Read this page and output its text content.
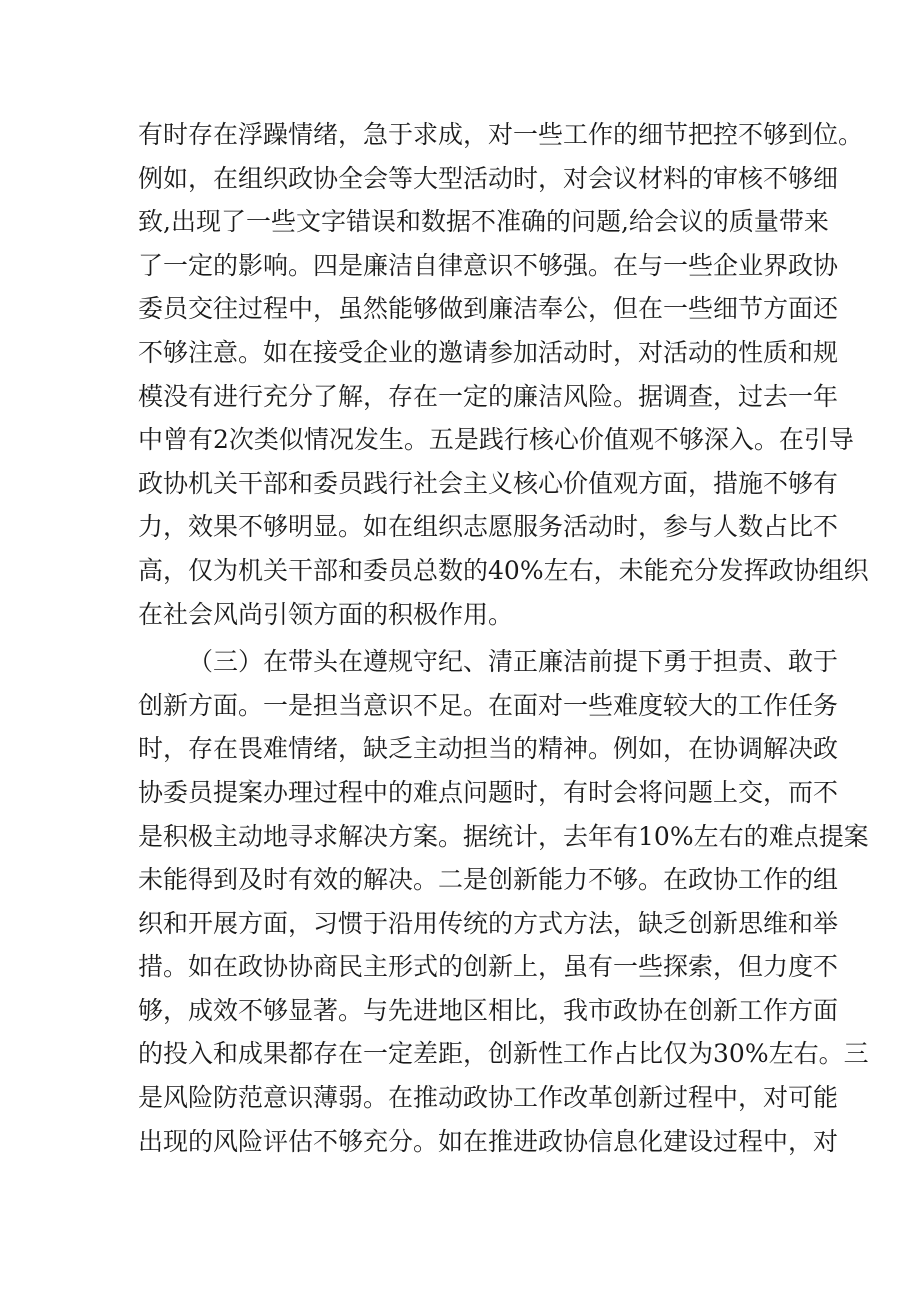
有时存在浮躁情绪，急于求成，对一些工作的细节把控不够到位。
例如，在组织政协全会等大型活动时，对会议材料的审核不够细
致,出现了一些文字错误和数据不准确的问题,给会议的质量带来
了一定的影响。四是廉洁自律意识不够强。在与一些企业界政协
委员交往过程中，虽然能够做到廉洁奉公，但在一些细节方面还
不够注意。如在接受企业的邀请参加活动时，对活动的性质和规
模没有进行充分了解，存在一定的廉洁风险。据调查，过去一年
中曾有2次类似情况发生。五是践行核心价值观不够深入。在引导
政协机关干部和委员践行社会主义核心价值观方面，措施不够有
力，效果不够明显。如在组织志愿服务活动时，参与人数占比不
高，仅为机关干部和委员总数的40%左右，未能充分发挥政协组织
在社会风尚引领方面的积极作用。
（三）在带头在遵规守纪、清正廉洁前提下勇于担责、敢于
创新方面。一是担当意识不足。在面对一些难度较大的工作任务
时，存在畏难情绪，缺乏主动担当的精神。例如，在协调解决政
协委员提案办理过程中的难点问题时，有时会将问题上交，而不
是积极主动地寻求解决方案。据统计，去年有10%左右的难点提案
未能得到及时有效的解决。二是创新能力不够。在政协工作的组
织和开展方面，习惯于沿用传统的方式方法，缺乏创新思维和举
措。如在政协协商民主形式的创新上，虽有一些探索，但力度不
够，成效不够显著。与先进地区相比，我市政协在创新工作方面
的投入和成果都存在一定差距，创新性工作占比仅为30%左右。三
是风险防范意识薄弱。在推动政协工作改革创新过程中，对可能
出现的风险评估不够充分。如在推进政协信息化建设过程中，对
